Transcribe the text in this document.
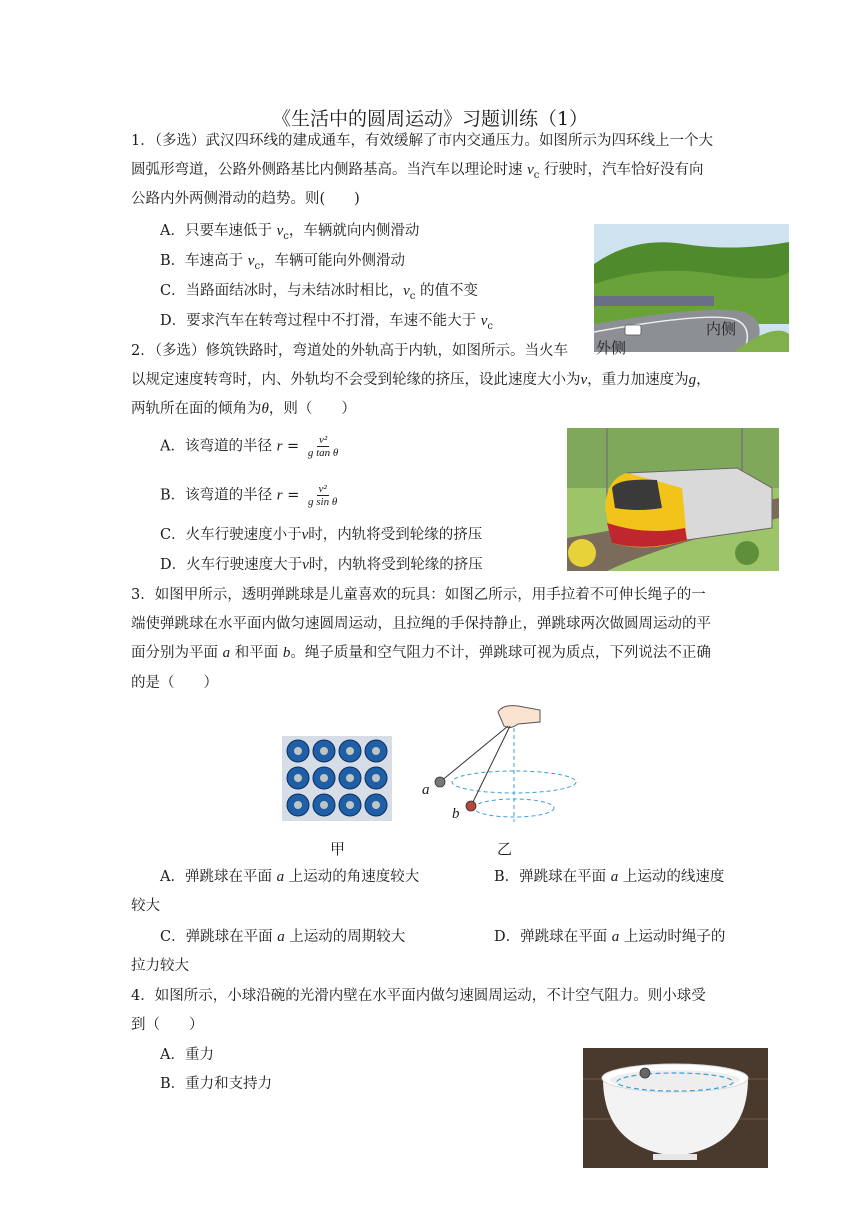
《生活中的圆周运动》习题训练（1）
1．（多选）武汉四环线的建成通车，有效缓解了市内交通压力。如图所示为四环线上一个大
圆弧形弯道，公路外侧路基比内侧路基高。当汽车以理论时速 $v_c$ 行驶时，汽车恰好没有向
公路内外两侧滑动的趋势。则(　　)
A．只要车速低于 $v_c$，车辆就向内侧滑动
B．车速高于 $v_c$，车辆可能向外侧滑动
C．当路面结冰时，与未结冰时相比，$v_c$ 的值不变
D．要求汽车在转弯过程中不打滑，车速不能大于 $v_c$	内侧
外侧
2．（多选）修筑铁路时，弯道处的外轨高于内轨，如图所示。当火车
以规定速度转弯时，内、外轨均不会受到轮缘的挤压，设此速度大小为v，重力加速度为g，
两轨所在面的倾角为θ，则（　　）
A．该弯道的半径 $r = \frac{\text{v²}}{\text{g tan θ}}$
B．该弯道的半径 $r = \frac{\text{v²}}{\text{g sin θ}}$
C．火车行驶速度小于v时，内轨将受到轮缘的挤压
D．火车行驶速度大于v时，内轨将受到轮缘的挤压
3．如图甲所示，透明弹跳球是儿童喜欢的玩具：如图乙所示，用手拉着不可伸长绳子的一
端使弹跳球在水平面内做匀速圆周运动，且拉绳的手保持静止，弹跳球两次做圆周运动的平
面分别为平面 a 和平面 b。绳子质量和空气阻力不计，弹跳球可视为质点，下列说法不正确
的是（　　）
甲
a
b
乙
A．弹跳球在平面 a 上运动的角速度较大	B．弹跳球在平面 a 上运动的线速度
较大
C．弹跳球在平面 a 上运动的周期较大	D．弹跳球在平面 a 上运动时绳子的
拉力较大
4．如图所示，小球沿碗的光滑内壁在水平面内做匀速圆周运动，不计空气阻力。则小球受
到（　　）
A．重力
B．重力和支持力
